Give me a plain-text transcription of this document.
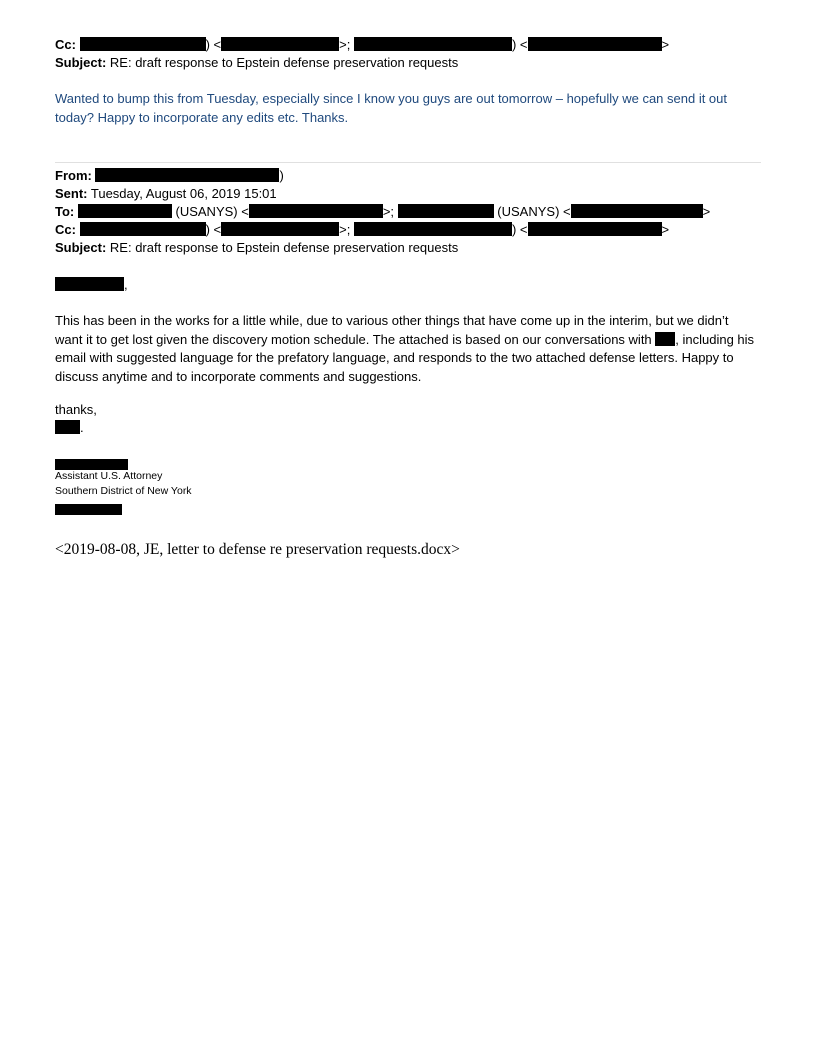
Cc:	) <	>;	) <	>
Subject: RE: draft response to Epstein defense preservation requests
Wanted to bump this from Tuesday, especially since I know you guys are out tomorrow – hopefully we can send it out today? Happy to incorporate any edits etc. Thanks.
From:	)
Sent: Tuesday, August 06, 2019 15:01
To:	(USANYS) <	>;	(USANYS) <	>
Cc:	) <	>;	) <	>
Subject: RE: draft response to Epstein defense preservation requests
,
This has been in the works for a little while, due to various other things that have come up in the interim, but we didn’t want it to get lost given the discovery motion schedule. The attached is based on our conversations with , including his email with suggested language for the prefatory language, and responds to the two attached defense letters. Happy to discuss anytime and to incorporate comments and suggestions.
thanks,
.
Assistant U.S. Attorney
Southern District of New York
<2019-08-08, JE, letter to defense re preservation requests.docx>
